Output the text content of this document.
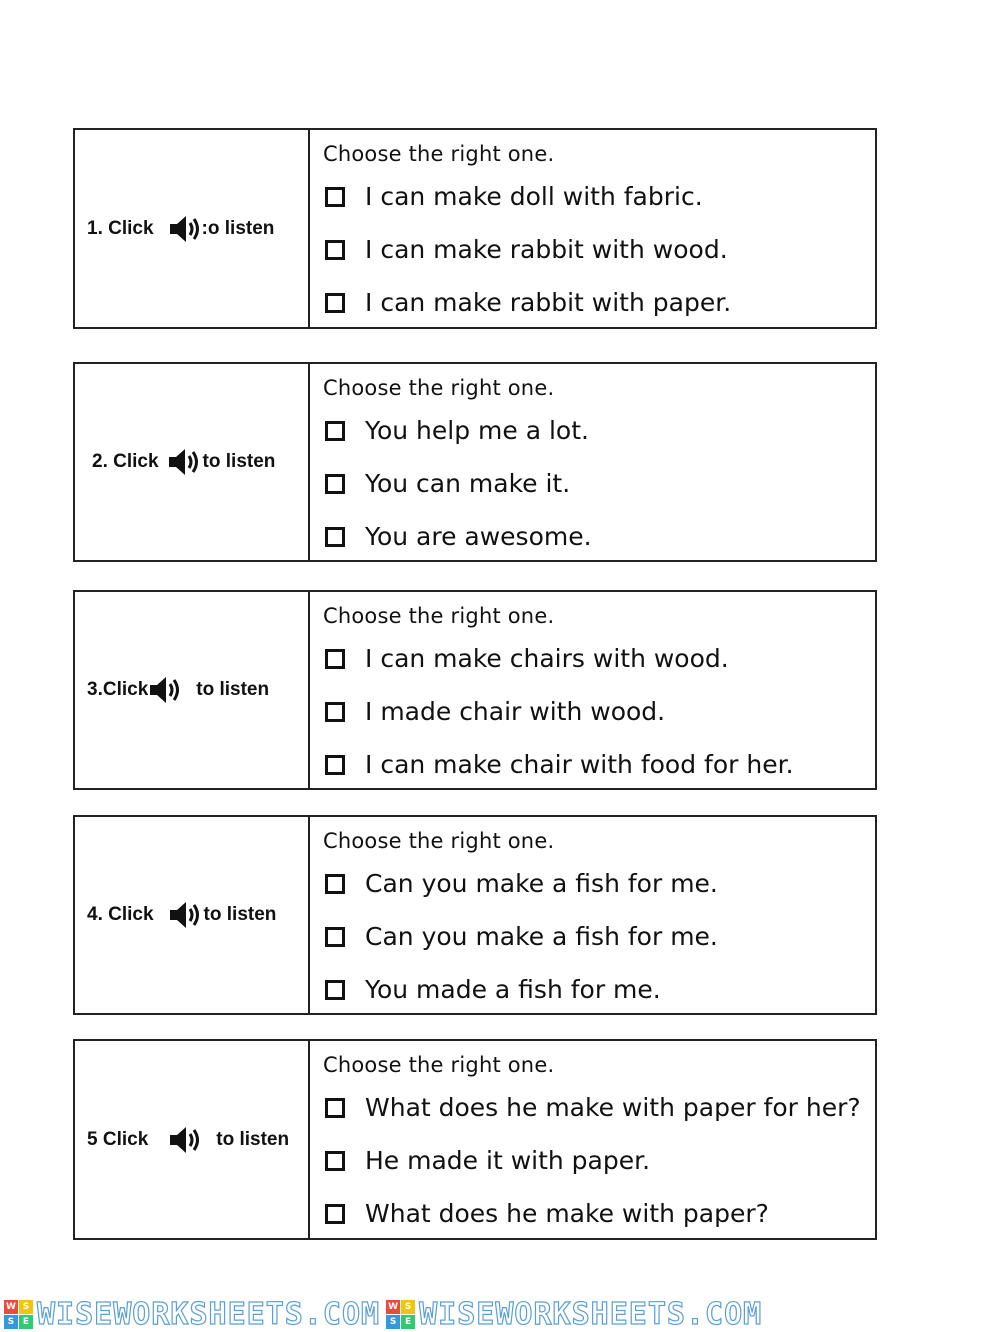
1. Click	:o listen
Choose the right one.
I can make doll with fabric.
I can make rabbit with wood.
I can make rabbit with paper.
2. Click to listen
Choose the right one.
You help me a lot.
You can make it.
You are awesome.
3.Click	to listen
Choose the right one.
I can make chairs with wood.
I made chair with wood.
I can make chair with food for her.
4. Click	to listen
Choose the right one.
Can you make a fish for me.
Can you make a fish for me.
You made a fish for me.
5 Click	to listen
Choose the right one.
What does he make with paper for her?
He made it with paper.
What does he make with paper?
W S
S E WISEWORKSHEETS.COM W S
S E WISEWORKSHEETS.COM
